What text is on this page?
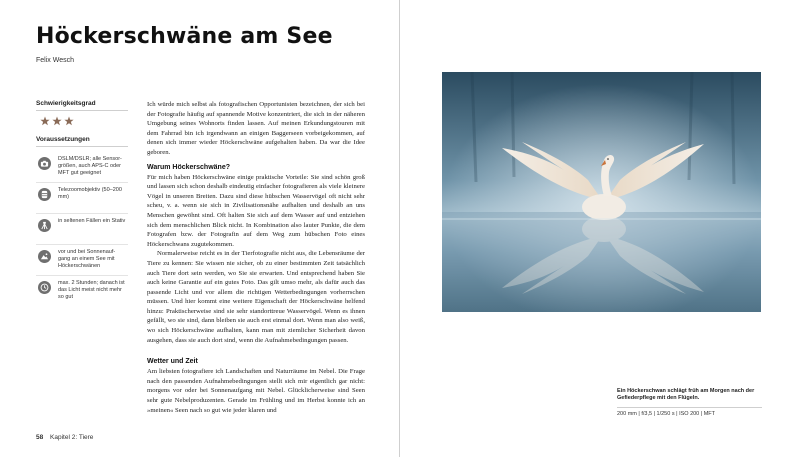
Höckerschwäne am See
Felix Wesch
Schwierigkeitsgrad
Voraussetzungen
DSLM/DSLR; alle Sensor- größen, auch APS-C oder MFT gut geeignet
Telezoomobjektiv (50–200 mm)
in seltenen Fällen ein Stativ
vor und bei Sonnenauf- gang an einem See mit Höckerschwänen
max. 2 Stunden; danach ist das Licht meist nicht mehr so gut

Ich würde mich selbst als fotografischen Opportunisten bezeichnen, der sich bei der Fotografie häufig auf spannende Motive konzentriert, die sich in der näheren Umgebung seines Wohnorts finden lassen. Auf meinen Erkundungstouren mit dem Fahrrad bin ich irgendwann an einigen Baggerseen vorbeigekommen, auf denen sich immer wieder Höckerschwäne aufgehalten haben. Da war die Idee geboren.

Warum Höckerschwäne?

Für mich haben Höckerschwäne einige praktische Vorteile: Sie sind schön groß und lassen sich schon deshalb eindeutig einfacher fotografieren als viele kleinere Vögel in unseren Breiten. Dazu sind diese hübschen Wasservögel oft nicht sehr scheu, v. a. wenn sie sich in Zivilisationsnähe aufhalten und deshalb an uns Menschen gewöhnt sind. Oft halten Sie sich auf dem Wasser auf und entziehen sich dem menschlichen Blick nicht. In Kombination also lauter Punkte, die dem Fotografen bzw. der Fotografin auf dem Weg zum hübschen Foto eines Höckerschwans zugutekommen.

Normalerweise reicht es in der Tierfotografie nicht aus, die Lebensräume der Tiere zu kennen: Sie wissen nie sicher, ob zu einer bestimmten Zeit tatsächlich auch Tiere dort sein werden, wo Sie sie erwarten. Und entsprechend haben Sie auch keine Garantie auf ein gutes Foto. Das gilt umso mehr, als dafür auch das passende Licht und vor allem die richtigen Wetterbedingungen vorherrschen müssen. Und hier kommt eine weitere Eigenschaft der Höckerschwäne helfend hinzu: Praktischerweise sind sie sehr standorttreue Wasservögel. Wenn es ihnen gefällt, wo sie sind, dann bleiben sie auch erst einmal dort. Wenn man also weiß, wo sich Höckerschwäne aufhalten, kann man mit ziemlicher Sicherheit davon ausgehen, dass sie auch dort sind, wenn die Aufnahmebedingungen passen.

Wetter und Zeit

Am liebsten fotografiere ich Landschaften und Naturräume im Nebel. Die Frage nach den passenden Aufnahmebedingungen stellt sich mir eigentlich gar nicht: morgens vor oder bei Sonnenaufgang mit Nebel. Glücklicherweise sind Seen sehr gute Nebelproduzenten. Gerade im Frühling und im Herbst konnte ich an »meinen« Seen nach so gut wie jeder klaren und

58 Kapitel 2: Tiere
Ein Höckerschwan schlägt früh am Morgen nach der Gefiederpflege mit den Flügeln.
200 mm | f/3,5 | 1/250 s | ISO 200 | MFT
